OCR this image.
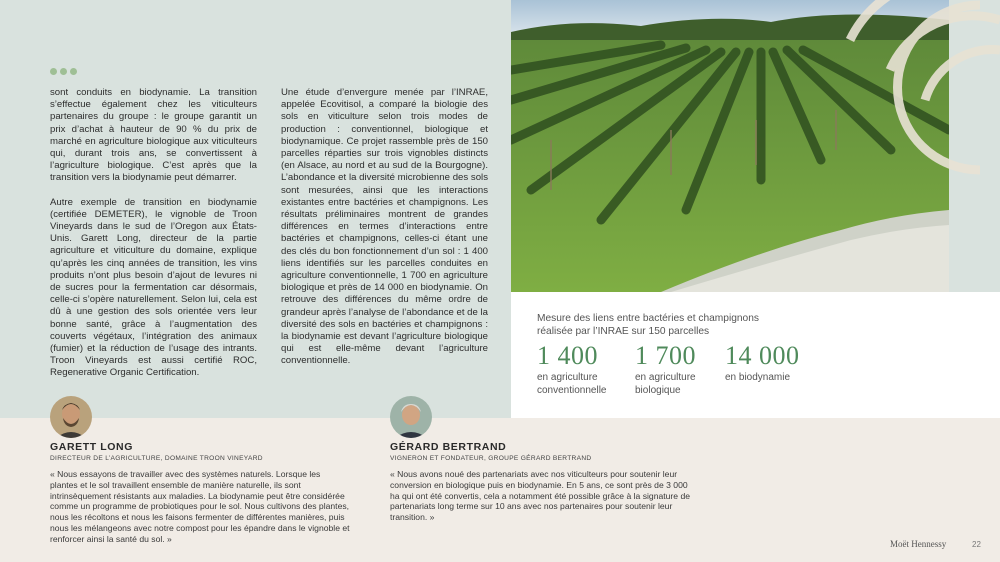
sont conduits en biodynamie. La transition s’effectue également chez les viticulteurs partenaires du groupe : le groupe garantit un prix d’achat à hauteur de 90 % du prix de marché en agriculture biologique aux viticulteurs qui, durant trois ans, se convertissent à l’agriculture biologique. C’est après que la transition vers la biodynamie peut démarrer.

Autre exemple de transition en biodynamie (certifiée DEMETER), le vignoble de Troon Vineyards dans le sud de l’Oregon aux États-Unis. Garett Long, directeur de la partie agriculture et viticulture du domaine, explique qu’après les cinq années de transition, les vins produits n’ont plus besoin d’ajout de levures ni de sucres pour la fermentation car désormais, celle-ci s’opère naturellement. Selon lui, cela est dû à une gestion des sols orientée vers leur bonne santé, grâce à l’augmentation des couverts végétaux, l’intégration des animaux (fumier) et la réduction de l’usage des intrants. Troon Vineyards est aussi certifié ROC, Regenerative Organic Certification.

Une étude d’envergure menée par l’INRAE, appelée Ecovitisol, a comparé la biologie des sols en viticulture selon trois modes de production : conventionnel, biologique et biodynamique. Ce projet rassemble près de 150 parcelles réparties sur trois vignobles distincts (en Alsace, au nord et au sud de la Bourgogne). L’abondance et la diversité microbienne des sols sont mesurées, ainsi que les interactions existantes entre bactéries et champignons. Les résultats préliminaires montrent de grandes différences en termes d’interactions entre bactéries et champignons, celles-ci étant une des clés du bon fonctionnement d’un sol : 1 400 liens identifiés sur les parcelles conduites en agriculture conventionnelle, 1 700 en agriculture biologique et près de 14 000 en biodynamie. On retrouve des différences du même ordre de grandeur après l’analyse de l’abondance et de la diversité des sols en bactéries et champignons : la biodynamie est devant l’agriculture biologique qui est elle-même devant l’agriculture conventionnelle.

Mesure des liens entre bactéries et champignons réalisée par l’INRAE sur 150 parcelles
1 400
en agriculture conventionnelle
1 700
en agriculture biologique
14 000
en biodynamie
GARETT LONG
DIRECTEUR DE L’AGRICULTURE, DOMAINE TROON VINEYARD
« Nous essayons de travailler avec des systèmes naturels. Lorsque les plantes et le sol travaillent ensemble de manière naturelle, ils sont intrinsèquement résistants aux maladies. La biodynamie peut être considérée comme un programme de probiotiques pour le sol. Nous cultivons des plantes, nous les récoltons et nous les faisons fermenter de différentes manières, puis nous les mélangeons avec notre compost pour les épandre dans le vignoble et renforcer ainsi la santé du sol. »
GÉRARD BERTRAND
VIGNERON ET FONDATEUR, GROUPE GÉRARD BERTRAND
« Nous avons noué des partenariats avec nos viticulteurs pour soutenir leur conversion en biologique puis en biodynamie. En 5 ans, ce sont près de 3 000 ha qui ont été convertis, cela a notamment été possible grâce à la signature de partenariats long terme sur 10 ans avec nos partenaires pour soutenir leur transition. »
Moët Hennessy	22
